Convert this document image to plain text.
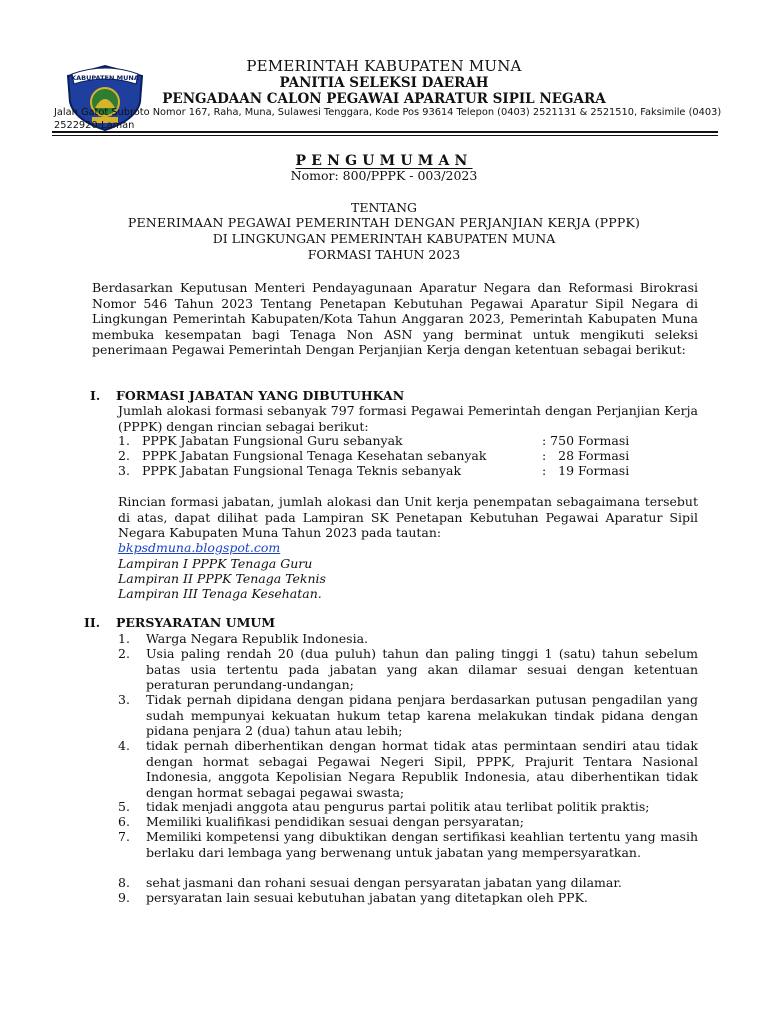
KABUPATEN MUNA
PEMERINTAH KABUPATEN MUNA
PANITIA SELEKSI DAERAH
PENGADAAN CALON PEGAWAI APARATUR SIPIL NEGARA
Jalan Gatot Subroto Nomor 167, Raha, Muna, Sulawesi Tenggara, Kode Pos 93614 Telepon (0403) 2521131 & 2521510, Faksimile (0403) 2522920-Laman
PENGUMUMAN
Nomor: 800/PPPK - 003/2023
TENTANG
PENERIMAAN PEGAWAI PEMERINTAH DENGAN PERJANJIAN KERJA (PPPK)
DI LINGKUNGAN PEMERINTAH KABUPATEN MUNA
FORMASI TAHUN 2023
Berdasarkan Keputusan Menteri Pendayagunaan Aparatur Negara dan Reformasi Birokrasi Nomor 546 Tahun 2023 Tentang Penetapan Kebutuhan Pegawai Aparatur Sipil Negara di Lingkungan Pemerintah Kabupaten/Kota Tahun Anggaran 2023, Pemerintah Kabupaten Muna membuka kesempatan bagi Tenaga Non ASN yang berminat untuk mengikuti seleksi penerimaan Pegawai Pemerintah Dengan Perjanjian Kerja dengan ketentuan sebagai berikut:
I. FORMASI JABATAN YANG DIBUTUHKAN
Jumlah alokasi formasi sebanyak 797 formasi Pegawai Pemerintah dengan Perjanjian Kerja (PPPK) dengan rincian sebagai berikut:
1. PPPK Jabatan Fungsional Guru sebanyak	: 750 Formasi
2. PPPK Jabatan Fungsional Tenaga Kesehatan sebanyak	:   28 Formasi
3. PPPK Jabatan Fungsional Tenaga Teknis sebanyak	:   19 Formasi
Rincian formasi jabatan, jumlah alokasi dan Unit kerja penempatan sebagaimana tersebut di atas, dapat dilihat pada Lampiran SK Penetapan Kebutuhan Pegawai Aparatur Sipil Negara Kabupaten Muna Tahun 2023 pada tautan:
bkpsdmuna.blogspot.com
Lampiran I PPPK Tenaga Guru
Lampiran II PPPK Tenaga Teknis
Lampiran III Tenaga Kesehatan.
II. PERSYARATAN UMUM
1. Warga Negara Republik Indonesia.
2. Usia paling rendah 20 (dua puluh) tahun dan paling tinggi 1 (satu) tahun sebelum batas usia tertentu pada jabatan yang akan dilamar sesuai dengan ketentuan peraturan perundang-undangan;
3. Tidak pernah dipidana dengan pidana penjara berdasarkan putusan pengadilan yang sudah mempunyai kekuatan hukum tetap karena melakukan tindak pidana dengan pidana penjara 2 (dua) tahun atau lebih;
4. tidak pernah diberhentikan dengan hormat tidak atas permintaan sendiri atau tidak dengan hormat sebagai Pegawai Negeri Sipil, PPPK, Prajurit Tentara Nasional Indonesia, anggota Kepolisian Negara Republik Indonesia, atau diberhentikan tidak dengan hormat sebagai pegawai swasta;
5. tidak menjadi anggota atau pengurus partai politik atau terlibat politik praktis;
6. Memiliki kualifikasi pendidikan sesuai dengan persyaratan;
7. Memiliki kompetensi yang dibuktikan dengan sertifikasi keahlian tertentu yang masih berlaku dari lembaga yang berwenang untuk jabatan yang mempersyaratkan.
8. sehat jasmani dan rohani sesuai dengan persyaratan jabatan yang dilamar.
9. persyaratan lain sesuai kebutuhan jabatan yang ditetapkan oleh PPK.
